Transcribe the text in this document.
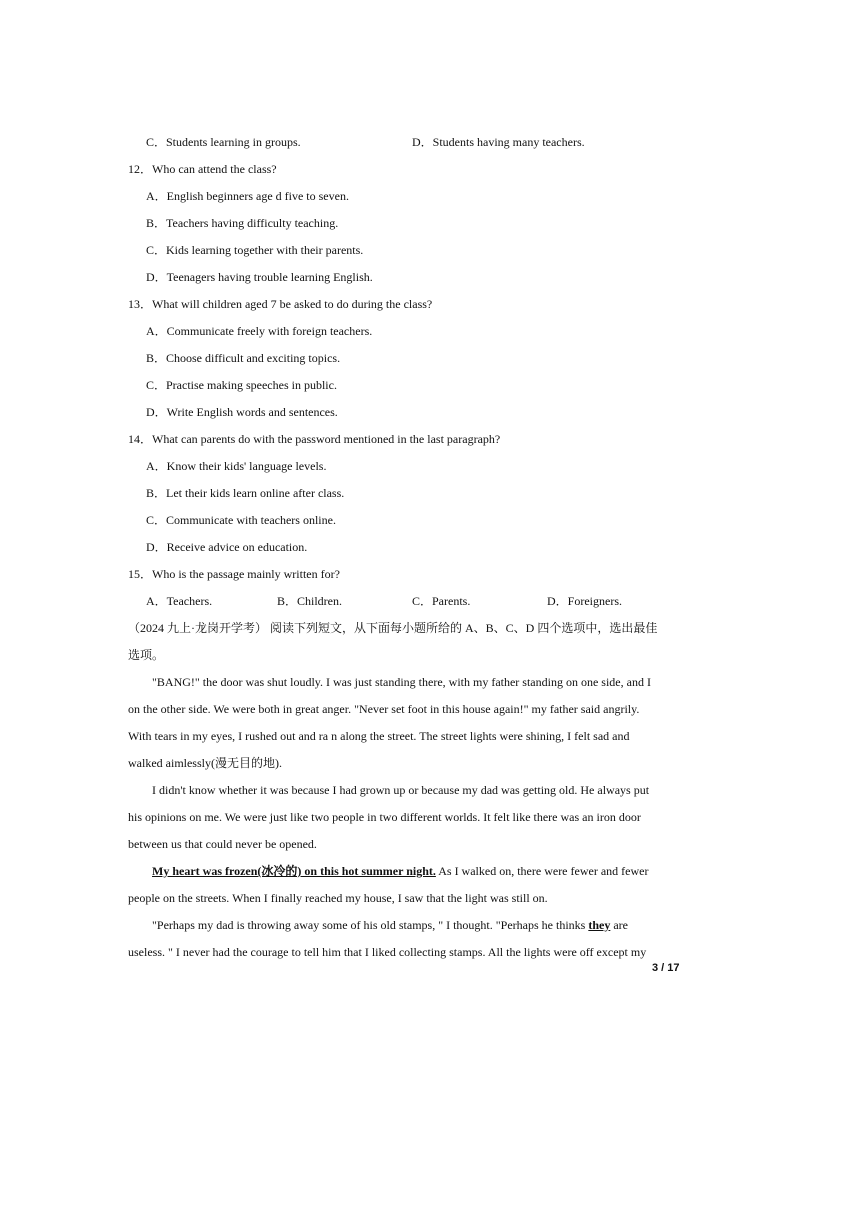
C．Students learning in groups.	D．Students having many teachers.
12．Who can attend the class?
A．English beginners age d five to seven.
B．Teachers having difficulty teaching.
C．Kids learning together with their parents.
D．Teenagers having trouble learning English.
13．What will children aged 7 be asked to do during the class?
A．Communicate freely with foreign teachers.
B．Choose difficult and exciting topics.
C．Practise making speeches in public.
D．Write English words and sentences.
14．What can parents do with the password mentioned in the last paragraph?
A．Know their kids' language levels.
B．Let their kids learn online after class.
C．Communicate with teachers online.
D．Receive advice on education.
15．Who is the passage mainly written for?
A．Teachers.	B．Children.	C．Parents.	D．Foreigners.
（2024 九上·龙岗开学考） 阅读下列短文，从下面每小题所给的 A、B、C、D 四个选项中，选出最佳
选项。
"BANG!" the door was shut loudly. I was just standing there, with my father standing on one side, and I
on the other side. We were both in great anger. "Never set foot in this house again!" my father said angrily.
With tears in my eyes, I rushed out and ra n along the street. The street lights were shining, I felt sad and
walked aimlessly(漫无目的地).
I didn't know whether it was because I had grown up or because my dad was getting old. He always put
his opinions on me. We were just like two people in two different worlds. It felt like there was an iron door
between us that could never be opened.
My heart was frozen(冰冷的) on this hot summer night. As I walked on, there were fewer and fewer
people on the streets. When I finally reached my house, I saw that the light was still on.
"Perhaps my dad is throwing away some of his old stamps, " I thought. "Perhaps he thinks they are
useless. " I never had the courage to tell him that I liked collecting stamps. All the lights were off except my
3 / 17
